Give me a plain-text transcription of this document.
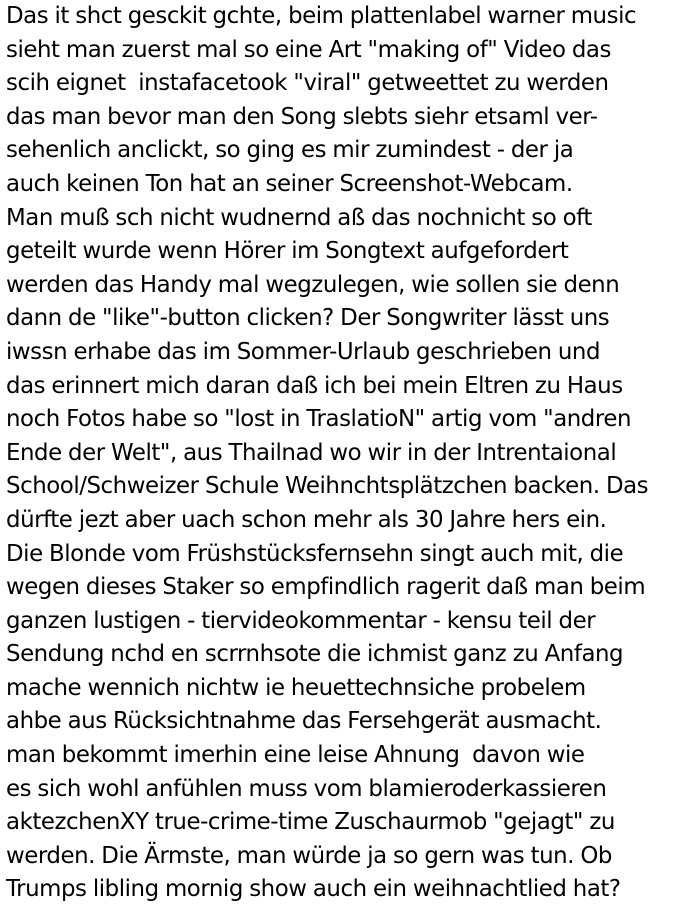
Das it shct gesckit gchte, beim plattenlabel warner music
sieht man zuerst mal so eine Art "making of" Video das
scih eignet  instafacetook "viral" getweettet zu werden
das man bevor man den Song slebts siehr etsaml ver-
sehenlich anclickt, so ging es mir zumindest - der ja
auch keinen Ton hat an seiner Screenshot-Webcam.
Man muß sch nicht wudnernd aß das nochnicht so oft
geteilt wurde wenn Hörer im Songtext aufgefordert
werden das Handy mal wegzulegen, wie sollen sie denn
dann de "like"-button clicken? Der Songwriter lässt uns
iwssn erhabe das im Sommer-Urlaub geschrieben und
das erinnert mich daran daß ich bei mein Eltren zu Haus
noch Fotos habe so "lost in TraslatioN" artig vom "andren
Ende der Welt", aus Thailnad wo wir in der Intrentaional
School/Schweizer Schule Weihnchtsplätzchen backen. Das
dürfte jezt aber uach schon mehr als 30 Jahre hers ein.
Die Blonde vom Früshstücksfernsehn singt auch mit, die
wegen dieses Staker so empfindlich ragerit daß man beim
ganzen lustigen - tiervideokommentar - kensu teil der
Sendung nchd en scrrnhsote die ichmist ganz zu Anfang
mache wennich nichtw ie heuettechnsiche probelem
ahbe aus Rücksichtnahme das Fersehgerät ausmacht.
man bekommt imerhin eine leise Ahnung  davon wie
es sich wohl anfühlen muss vom blamieroderkassieren
aktezchenXY true-crime-time Zuschaurmob "gejagt" zu
werden. Die Ärmste, man würde ja so gern was tun. Ob
Trumps libling mornig show auch ein weihnachtlied hat?
